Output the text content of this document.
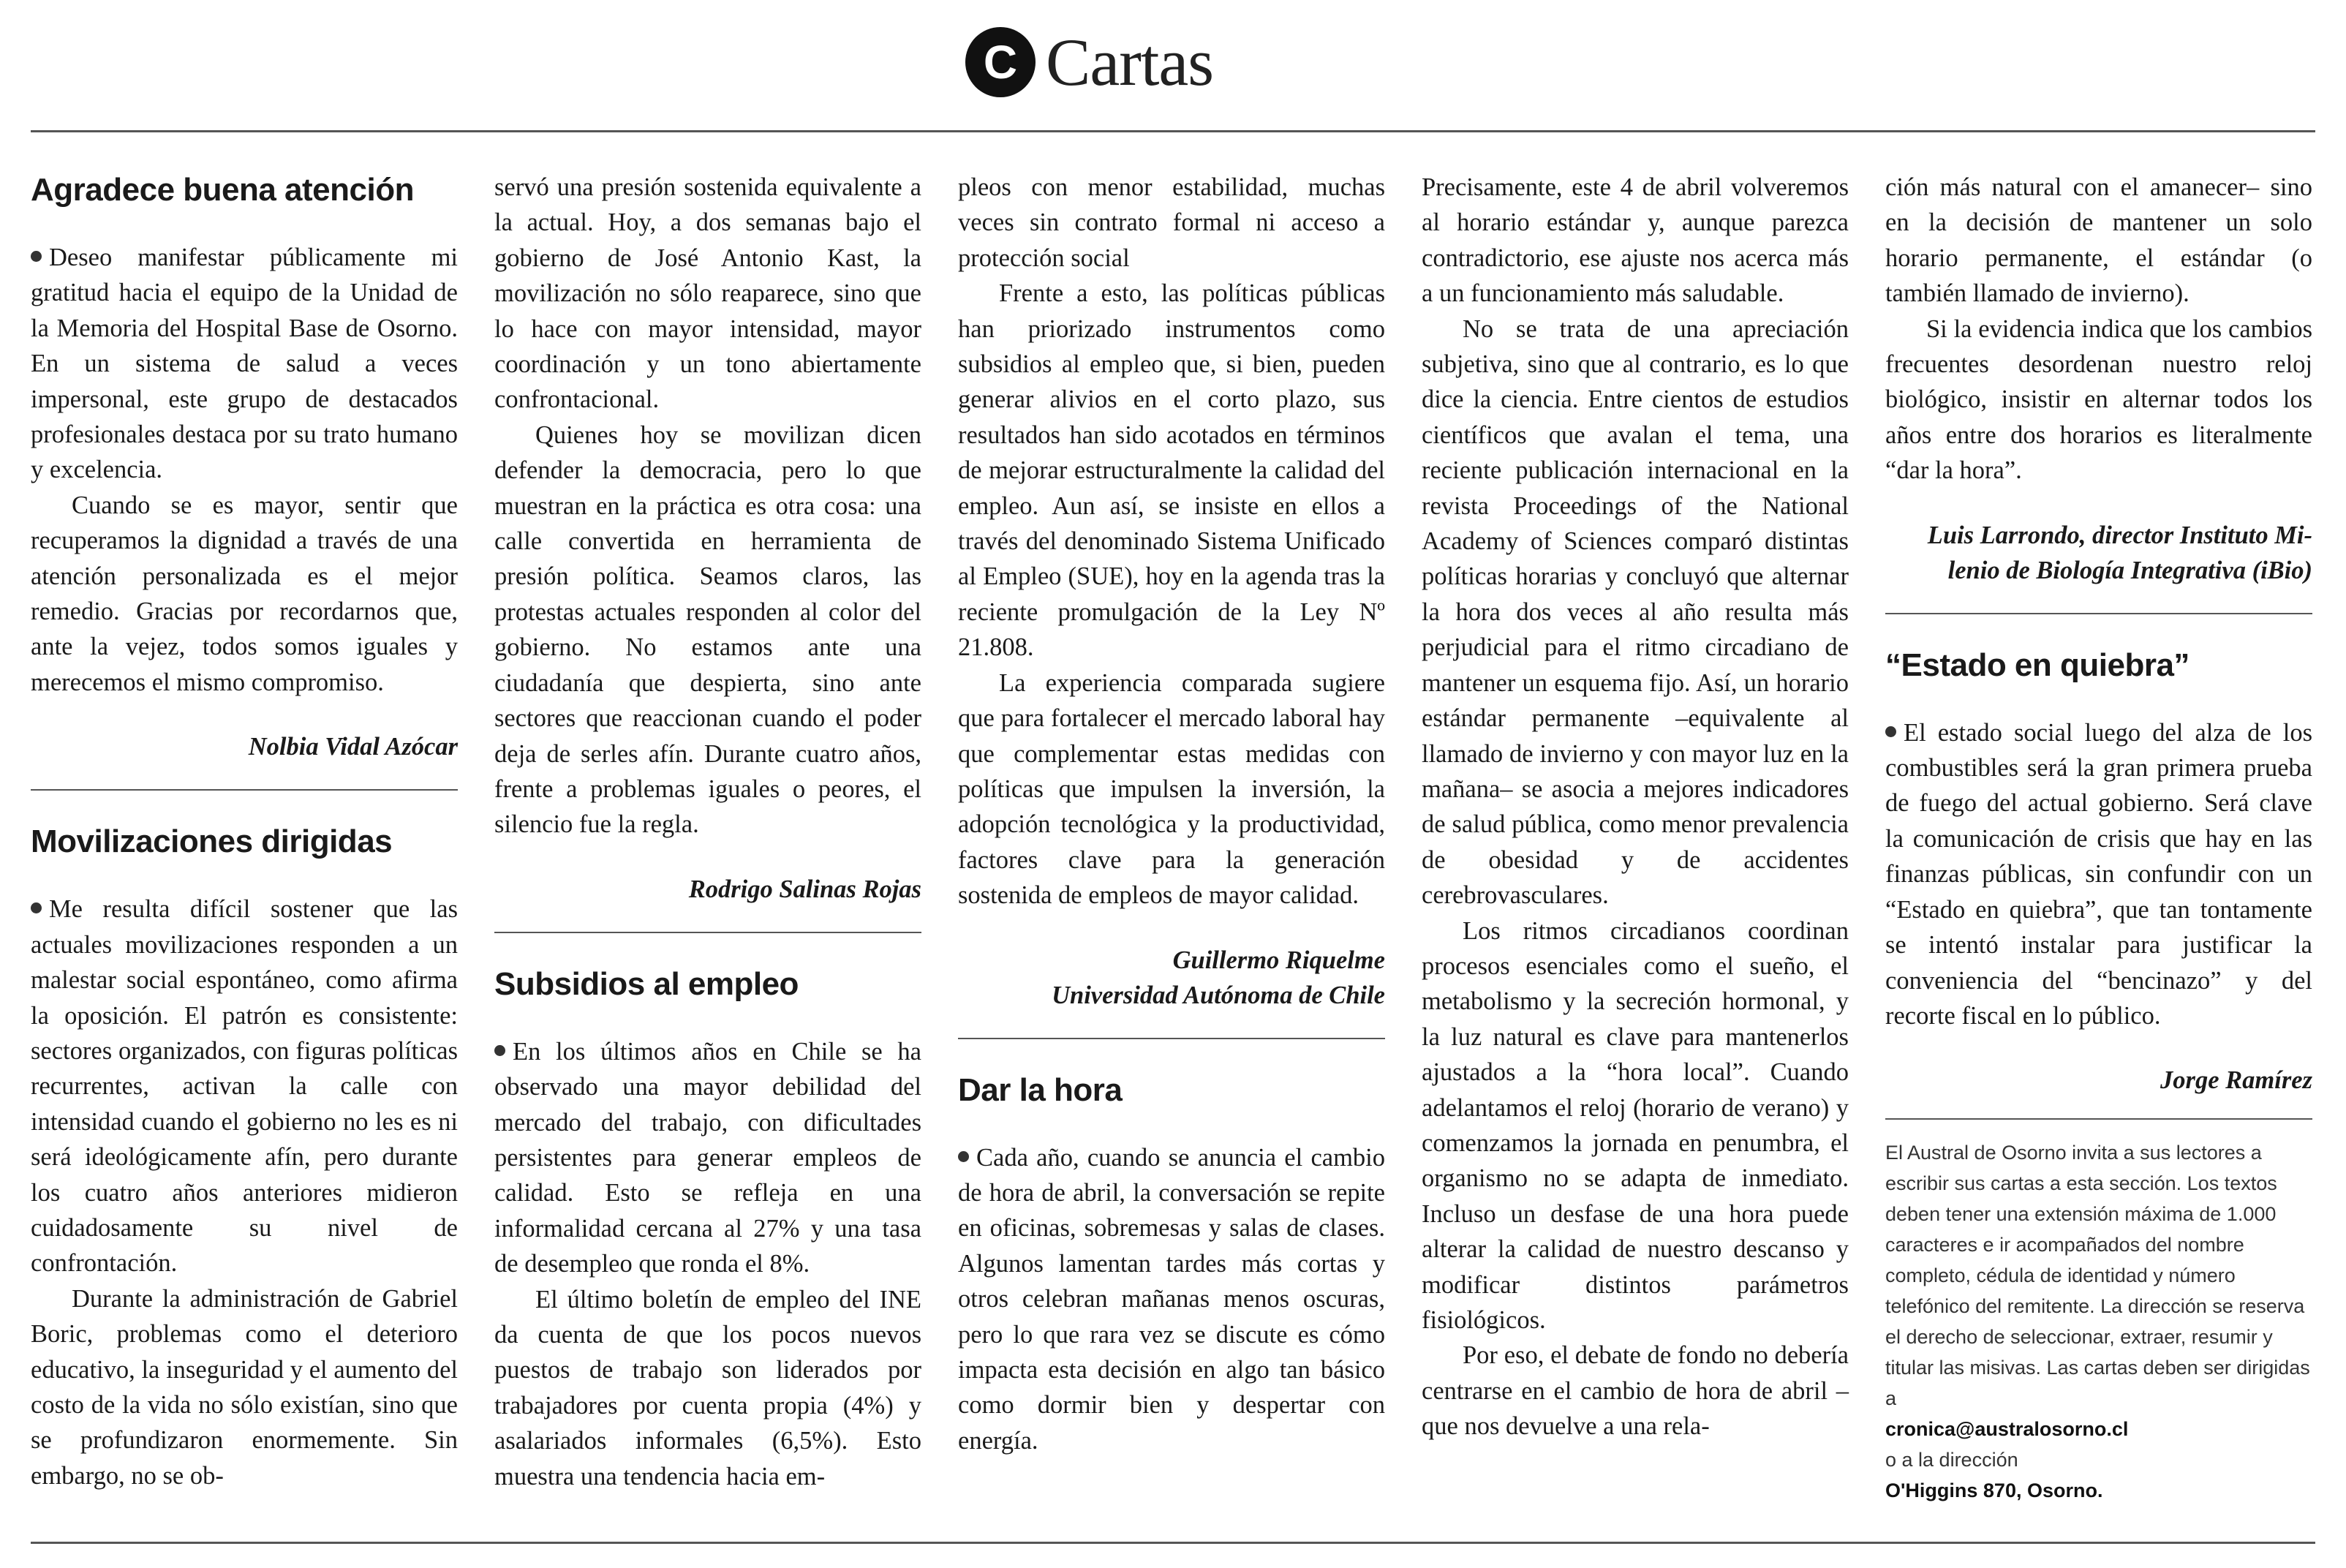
C Cartas
Agradece buena atención

Deseo manifestar públicamente mi gratitud hacia el equipo de la Unidad de la Memoria del Hospital Base de Osorno. En un sistema de salud a veces impersonal, este grupo de destacados profesionales destaca por su trato humano y excelencia.

Cuando se es mayor, sentir que recuperamos la dignidad a través de una atención personalizada es el mejor remedio. Gracias por recordarnos que, ante la vejez, todos somos iguales y merecemos el mismo compromiso.

Nolbia Vidal Azócar
Movilizaciones dirigidas

Me resulta difícil sostener que las actuales movilizaciones responden a un malestar social espontáneo, como afirma la oposición. El patrón es consistente: sectores organizados, con figuras políticas recurrentes, activan la calle con intensidad cuando el gobierno no les es ni será ideológicamente afín, pero durante los cuatro años anteriores midieron cuidadosamente su nivel de confrontación.

Durante la administración de Gabriel Boric, problemas como el deterioro educativo, la inseguridad y el aumento del costo de la vida no sólo existían, sino que se profundizaron enormemente. Sin embargo, no se ob-

servó una presión sostenida equivalente a la actual. Hoy, a dos semanas bajo el gobierno de José Antonio Kast, la movilización no sólo reaparece, sino que lo hace con mayor intensidad, mayor coordinación y un tono abiertamente confrontacional.

Quienes hoy se movilizan dicen defender la democracia, pero lo que muestran en la práctica es otra cosa: una calle convertida en herramienta de presión política. Seamos claros, las protestas actuales responden al color del gobierno. No estamos ante una ciudadanía que despierta, sino ante sectores que reaccionan cuando el poder deja de serles afín. Durante cuatro años, frente a problemas iguales o peores, el silencio fue la regla.

Rodrigo Salinas Rojas
Subsidios al empleo

En los últimos años en Chile se ha observado una mayor debilidad del mercado del trabajo, con dificultades persistentes para generar empleos de calidad. Esto se refleja en una informalidad cercana al 27% y una tasa de desempleo que ronda el 8%.

El último boletín de empleo del INE da cuenta de que los pocos nuevos puestos de trabajo son liderados por trabajadores por cuenta propia (4%) y asalariados informales (6,5%). Esto muestra una tendencia hacia em-

pleos con menor estabilidad, muchas veces sin contrato formal ni acceso a protección social

Frente a esto, las políticas públicas han priorizado instrumentos como subsidios al empleo que, si bien, pueden generar alivios en el corto plazo, sus resultados han sido acotados en términos de mejorar estructuralmente la calidad del empleo. Aun así, se insiste en ellos a través del denominado Sistema Unificado al Empleo (SUE), hoy en la agenda tras la reciente promulgación de la Ley Nº 21.808.

La experiencia comparada sugiere que para fortalecer el mercado laboral hay que complementar estas medidas con políticas que impulsen la inversión, la adopción tecnológica y la productividad, factores clave para la generación sostenida de empleos de mayor calidad.

Guillermo Riquelme
Universidad Autónoma de Chile
Dar la hora

Cada año, cuando se anuncia el cambio de hora de abril, la conversación se repite en oficinas, sobremesas y salas de clases. Algunos lamentan tardes más cortas y otros celebran mañanas menos oscuras, pero lo que rara vez se discute es cómo impacta esta decisión en algo tan básico como dormir bien y despertar con energía.

Precisamente, este 4 de abril volveremos al horario estándar y, aunque parezca contradictorio, ese ajuste nos acerca más a un funcionamiento más saludable.

No se trata de una apreciación subjetiva, sino que al contrario, es lo que dice la ciencia. Entre cientos de estudios científicos que avalan el tema, una reciente publicación internacional en la revista Proceedings of the National Academy of Sciences comparó distintas políticas horarias y concluyó que alternar la hora dos veces al año resulta más perjudicial para el ritmo circadiano de mantener un esquema fijo. Así, un horario estándar permanente –equivalente al llamado de invierno y con mayor luz en la mañana– se asocia a mejores indicadores de salud pública, como menor prevalencia de obesidad y de accidentes cerebrovasculares.

Los ritmos circadianos coordinan procesos esenciales como el sueño, el metabolismo y la secreción hormonal, y la luz natural es clave para mantenerlos ajustados a la “hora local”. Cuando adelantamos el reloj (horario de verano) y comenzamos la jornada en penumbra, el organismo no se adapta de inmediato. Incluso un desfase de una hora puede alterar la calidad de nuestro descanso y modificar distintos parámetros fisiológicos.

Por eso, el debate de fondo no debería centrarse en el cambio de hora de abril –que nos devuelve a una rela-

ción más natural con el amanecer– sino en la decisión de mantener un solo horario permanente, el estándar (o también llamado de invierno).

Si la evidencia indica que los cambios frecuentes desordenan nuestro reloj biológico, insistir en alternar todos los años entre dos horarios es literalmente “dar la hora”.

Luis Larrondo, director Instituto Mi-
lenio de Biología Integrativa (iBio)
“Estado en quiebra”

El estado social luego del alza de los combustibles será la gran primera prueba de fuego del actual gobierno. Será clave la comunicación de crisis que hay en las finanzas públicas, sin confundir con un “Estado en quiebra”, que tan tontamente se intentó instalar para justificar la conveniencia del “bencinazo” y del recorte fiscal en lo público.

Jorge Ramírez
El Austral de Osorno invita a sus lectores a escribir sus cartas a esta sección. Los textos deben tener una extensión máxima de 1.000 caracteres e ir acompañados del nombre completo, cédula de identidad y número telefónico del remitente. La dirección se reserva el derecho de seleccionar, extraer, resumir y titular las misivas. Las cartas deben ser dirigidas a
cronica@australosorno.cl
o a la dirección
O'Higgins 870, Osorno.
